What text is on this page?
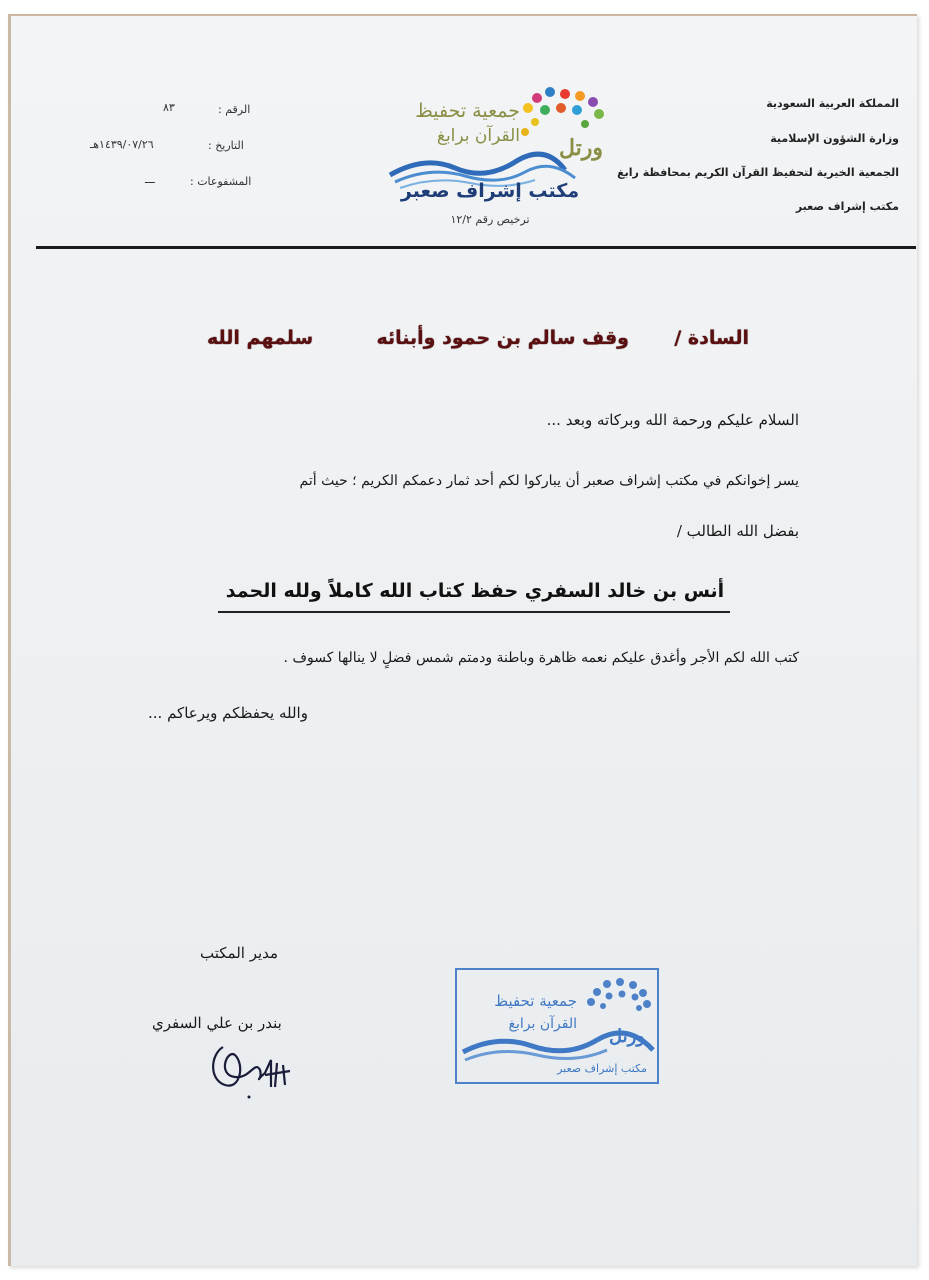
المملكة العربية السعودية
وزارة الشؤون الإسلامية
الجمعية الخيرية لتحفيظ القرآن الكريم بمحافظة رابغ
مكتب إشراف صعبر
جمعية تحفيظ
القرآن برابغ ورتل
مكتب إشراف صعبر
ترخيص رقم ١٢/٢
الرقم :
٨٣
التاريخ :
١٤٣٩/٠٧/٢٦هـ
المشفوعات :
ـــ
السادة /
وقف سالم بن حمود وأبنائه
سلمهم الله
السلام عليكم ورحمة الله وبركاته وبعد ...
يسر إخوانكم في مكتب إشراف صعبر أن يباركوا لكم أحد ثمار دعمكم الكريم ؛ حيث أتم
بفضل الله الطالب /
أنس بن خالد السفري حفظ كتاب الله كاملاً ولله الحمد
كتب الله لكم الأجر وأغدق عليكم نعمه ظاهرة وباطنة ودمتم شمس فضلٍ لا ينالها كسوف .
والله يحفظكم ويرعاكم ...
مدير المكتب
بندر بن علي السفري
جمعية تحفيظ
القرآن برابغ
ورتل
مكتب إشراف صعبر
